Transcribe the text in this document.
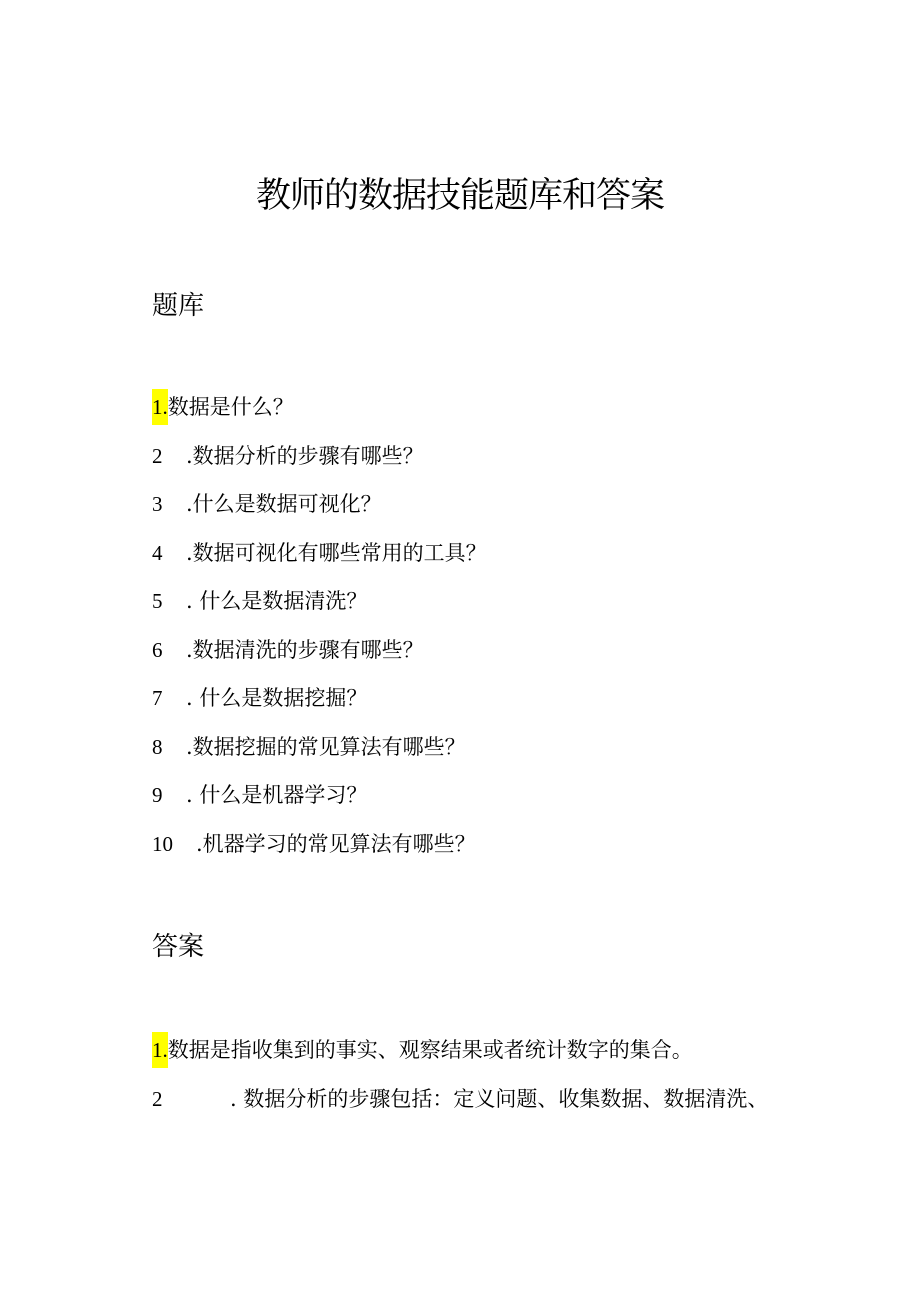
教师的数据技能题库和答案
题库
1.数据是什么？
2 .数据分析的步骤有哪些？
3 .什么是数据可视化？
4 .数据可视化有哪些常用的工具？
5 . 什么是数据清洗？
6 .数据清洗的步骤有哪些？
7 . 什么是数据挖掘？
8 .数据挖掘的常见算法有哪些？
9 . 什么是机器学习？
10 .机器学习的常见算法有哪些？
答案
1.数据是指收集到的事实、观察结果或者统计数字的集合。
2	. 数据分析的步骤包括：定义问题、收集数据、数据清洗、
